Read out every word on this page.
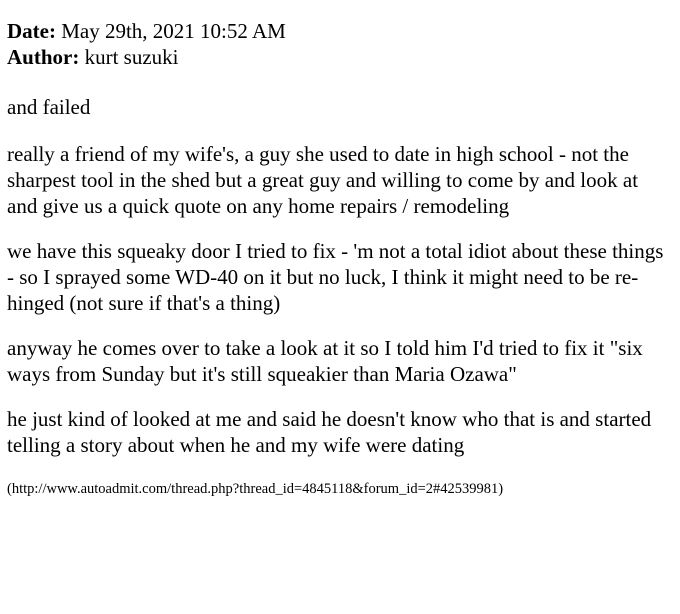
Date: May 29th, 2021 10:52 AM

Author: kurt suzuki

and failed

really a friend of my wife's, a guy she used to date in high school - not the sharpest tool in the shed but a great guy and willing to come by and look at and give us a quick quote on any home repairs / remodeling

we have this squeaky door I tried to fix - 'm not a total idiot about these things - so I sprayed some WD-40 on it but no luck, I think it might need to be re-hinged (not sure if that's a thing)

anyway he comes over to take a look at it so I told him I'd tried to fix it "six ways from Sunday but it's still squeakier than Maria Ozawa"

he just kind of looked at me and said he doesn't know who that is and started telling a story about when he and my wife were dating

(http://www.autoadmit.com/thread.php?thread_id=4845118&forum_id=2#42539981)
